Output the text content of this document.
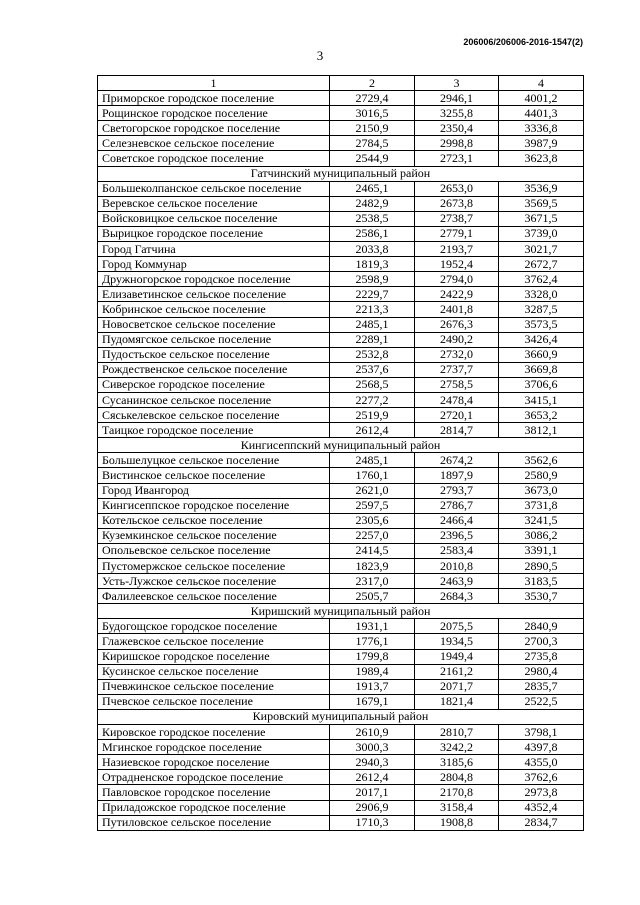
206006/206006-2016-1547(2)
3
1	2	3	4
Приморское городское поселение	2729,4	2946,1	4001,2
Рощинское городское поселение	3016,5	3255,8	4401,3
Светогорское городское поселение	2150,9	2350,4	3336,8
Селезневское сельское поселение	2784,5	2998,8	3987,9
Советское городское поселение	2544,9	2723,1	3623,8
Гатчинский муниципальный район			
Большеколпанское сельское поселение	2465,1	2653,0	3536,9
Веревское сельское поселение	2482,9	2673,8	3569,5
Войсковицкое сельское поселение	2538,5	2738,7	3671,5
Вырицкое городское поселение	2586,1	2779,1	3739,0
Город Гатчина	2033,8	2193,7	3021,7
Город Коммунар	1819,3	1952,4	2672,7
Дружногорское городское поселение	2598,9	2794,0	3762,4
Елизаветинское сельское поселение	2229,7	2422,9	3328,0
Кобринское сельское поселение	2213,3	2401,8	3287,5
Новосветское сельское поселение	2485,1	2676,3	3573,5
Пудомягское сельское поселение	2289,1	2490,2	3426,4
Пудостьское сельское поселение	2532,8	2732,0	3660,9
Рождественское сельское поселение	2537,6	2737,7	3669,8
Сиверское городское поселение	2568,5	2758,5	3706,6
Сусанинское сельское поселение	2277,2	2478,4	3415,1
Сяськелевское сельское поселение	2519,9	2720,1	3653,2
Таицкое городское поселение	2612,4	2814,7	3812,1
Кингисеппский муниципальный район			
Большелуцкое сельское поселение	2485,1	2674,2	3562,6
Вистинское сельское поселение	1760,1	1897,9	2580,9
Город Ивангород	2621,0	2793,7	3673,0
Кингисеппское городское поселение	2597,5	2786,7	3731,8
Котельское сельское поселение	2305,6	2466,4	3241,5
Куземкинское сельское поселение	2257,0	2396,5	3086,2
Опольевское сельское поселение	2414,5	2583,4	3391,1
Пустомержское сельское поселение	1823,9	2010,8	2890,5
Усть-Лужское сельское поселение	2317,0	2463,9	3183,5
Фалилеевское сельское поселение	2505,7	2684,3	3530,7
Киришский муниципальный район			
Будогощское городское поселение	1931,1	2075,5	2840,9
Глажевское сельское поселение	1776,1	1934,5	2700,3
Киришское городское поселение	1799,8	1949,4	2735,8
Кусинское сельское поселение	1989,4	2161,2	2980,4
Пчевжинское сельское поселение	1913,7	2071,7	2835,7
Пчевское сельское поселение	1679,1	1821,4	2522,5
Кировский муниципальный район			
Кировское городское поселение	2610,9	2810,7	3798,1
Мгинское городское поселение	3000,3	3242,2	4397,8
Назиевское городское поселение	2940,3	3185,6	4355,0
Отрадненское городское поселение	2612,4	2804,8	3762,6
Павловское городское поселение	2017,1	2170,8	2973,8
Приладожское городское поселение	2906,9	3158,4	4352,4
Путиловское сельское поселение	1710,3	1908,8	2834,7
